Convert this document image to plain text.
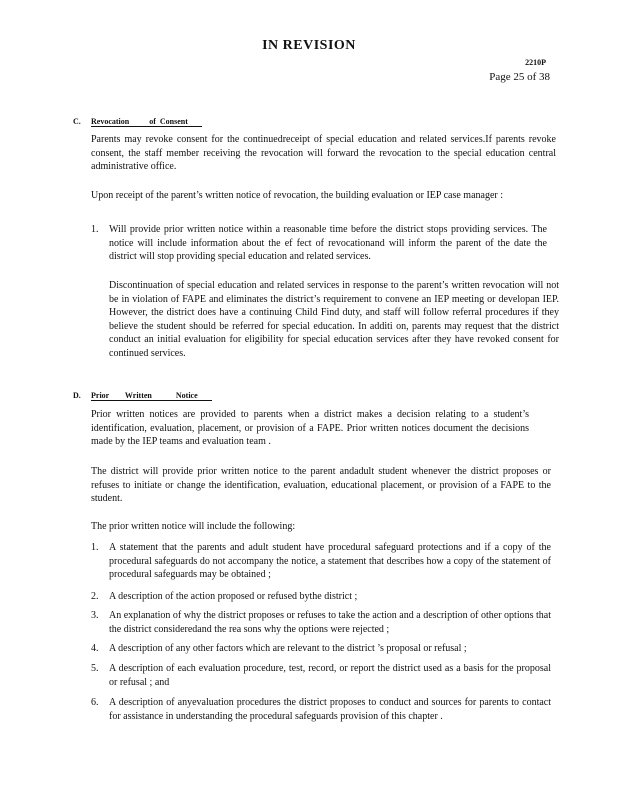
IN REVISION
2210P
Page 25 of 38
C. Revocation          of  Consent
Parents may revoke consent for the continuedreceipt of special education and related services.If parents revoke consent, the staff member receiving the revocation will forward the revocation to the special education central administrative office.
Upon receipt of the parent’s written notice of revocation, the building evaluation or IEP case manager :
1. Will provide prior written notice within a reasonable time before the district stops providing services. The notice will include information about the ef fect of revocationand will inform the parent of the date the district will stop providing special education and related services.
Discontinuation of special education and related services in response to the parent’s written revocation will not be in violation of FAPE and eliminates the district’s requirement to convene an IEP meeting or developan IEP. However, the district does have a continuing Child Find duty, and staff will follow referral procedures if they believe the student should be referred for special education. In additi on, parents may request that the district conduct an initial evaluation for eligibility for special education services after they have revoked consent for continued services.
D. Prior        Written            Notice
Prior written notices are provided to parents when a district makes a decision relating to a student’s identification, evaluation, placement, or provision of a FAPE. Prior written notices document the decisions made by the IEP teams and evaluation team .
The district will provide prior written notice to the parent andadult student whenever the district proposes or refuses to initiate or change the identification, evaluation, educational placement, or provision of a FAPE to the student.
The prior written notice will include the following:
1. A statement that the parents and adult student have procedural safeguard protections and if a copy of the procedural safeguards do not accompany the notice, a statement that describes how a copy of the statement of procedural safeguards may be obtained ;
2. A description of the action proposed or refused bythe district ;
3. An explanation of why the district proposes or refuses to take the action and a description of other options that the district consideredand the rea sons why the options were rejected ;
4. A description of any other factors which are relevant to the district ’s proposal or refusal ;
5. A description of each evaluation procedure, test, record, or report the district used as a basis for the proposal or refusal ; and
6. A description of anyevaluation procedures the district proposes to conduct and sources for parents to contact for assistance in understanding the procedural safeguards provision of this chapter .
